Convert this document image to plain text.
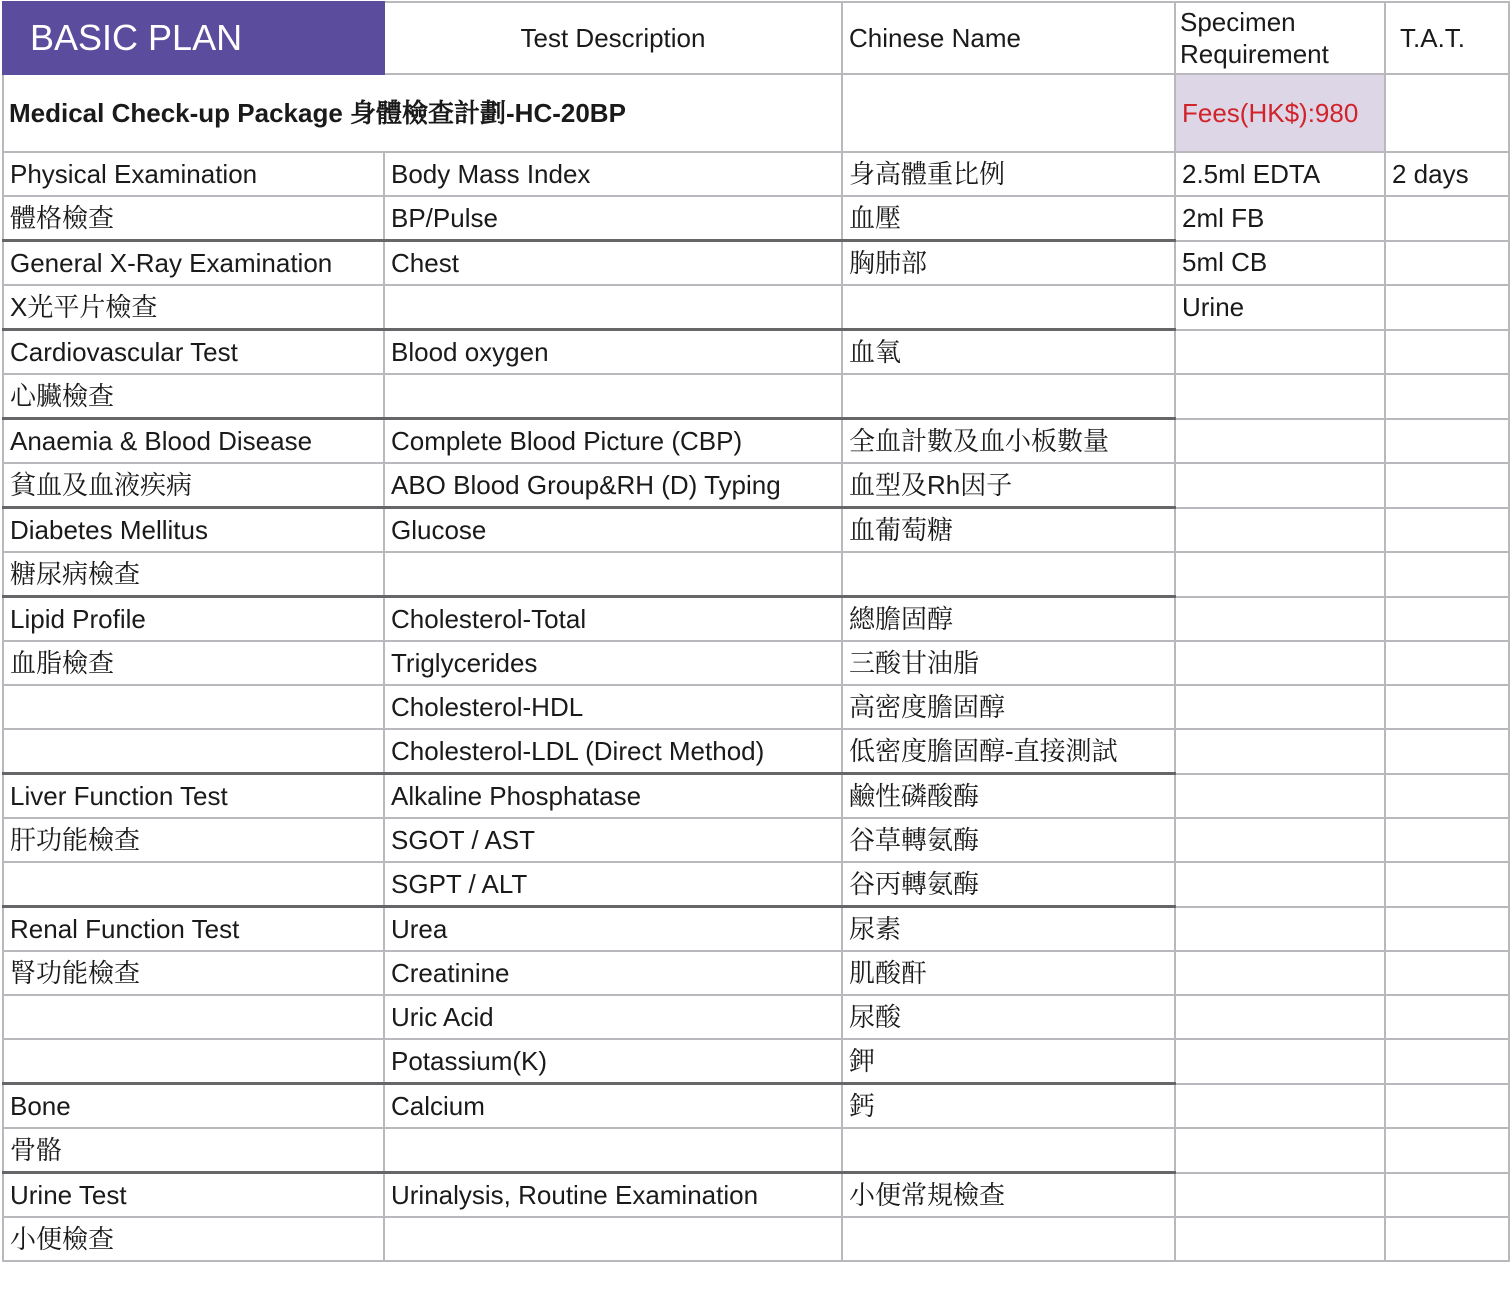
BASIC PLAN	Test Description	Chinese Name	Specimen Requirement	T.A.T.
Medical Check-up Package 身體檢查計劃-HC-20BP			Fees(HK$):980	
Physical Examination	Body Mass Index	身高體重比例	2.5ml EDTA	2 days
體格檢查	BP/Pulse	血壓	2ml FB	
General X-Ray Examination	Chest	胸肺部	5ml CB	
X光平片檢查			Urine	
Cardiovascular Test	Blood oxygen	血氧		
心臟檢查				
Anaemia & Blood Disease	Complete Blood Picture (CBP)	全血計數及血小板數量		
貧血及血液疾病	ABO Blood Group&RH (D) Typing	血型及Rh因子		
Diabetes Mellitus	Glucose	血葡萄糖		
糖尿病檢查				
Lipid Profile	Cholesterol-Total	總膽固醇		
血脂檢查	Triglycerides	三酸甘油脂		
	Cholesterol-HDL	高密度膽固醇		
	Cholesterol-LDL (Direct Method)	低密度膽固醇-直接測試		
Liver Function Test	Alkaline Phosphatase	鹼性磷酸酶		
肝功能檢查	SGOT / AST	谷草轉氨酶		
	SGPT / ALT	谷丙轉氨酶		
Renal Function Test	Urea	尿素		
腎功能檢查	Creatinine	肌酸酐		
	Uric Acid	尿酸		
	Potassium(K)	鉀		
Bone	Calcium	鈣		
骨骼				
Urine Test	Urinalysis, Routine Examination	小便常規檢查		
小便檢查				
